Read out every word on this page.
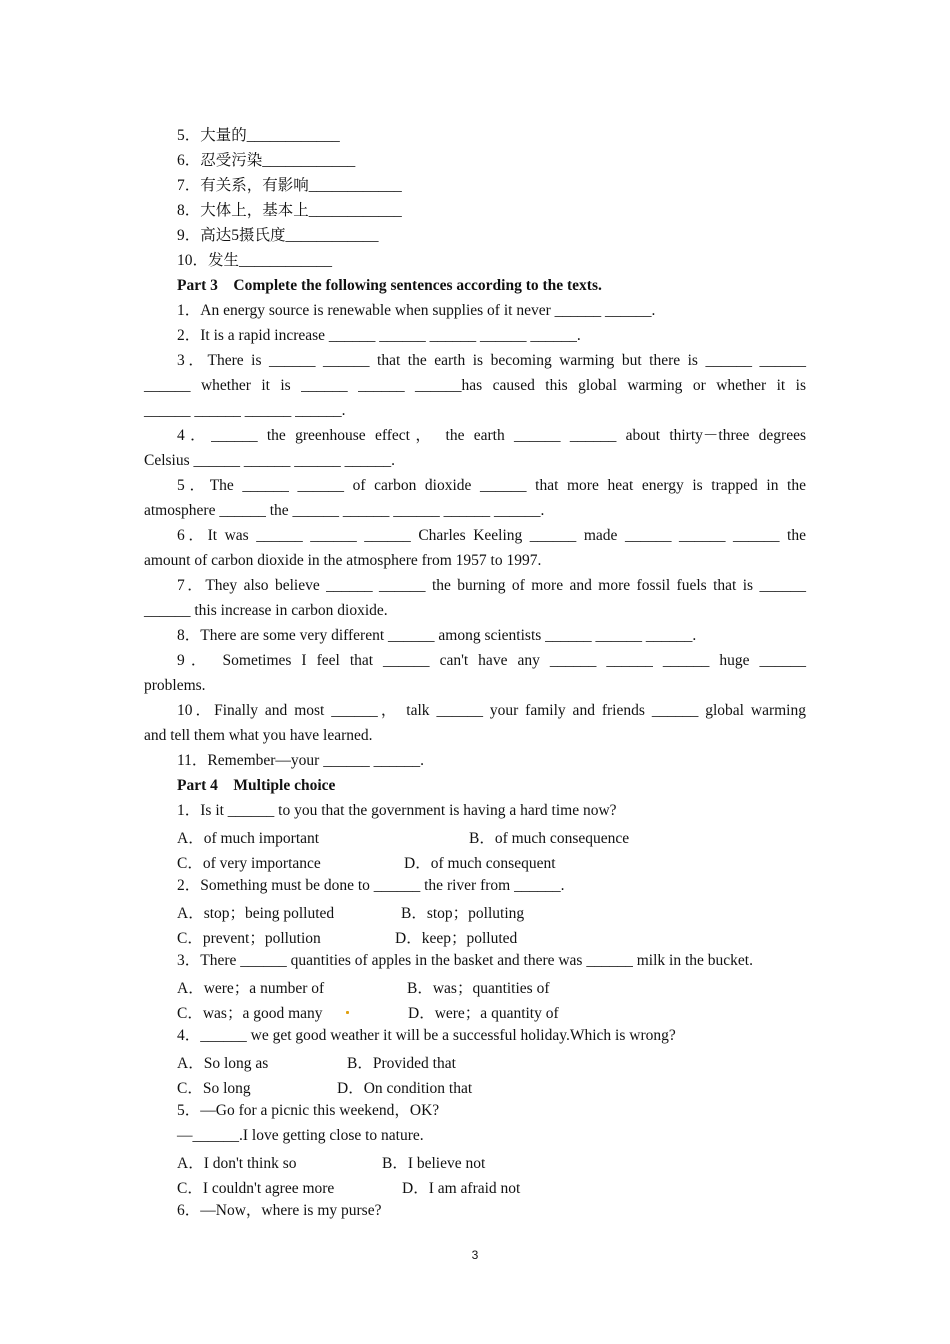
5．大量的____________
6．忍受污染____________
7．有关系，有影响____________
8．大体上，基本上____________
9．高达5摄氏度____________
10．发生____________
Part 3　Complete the following sentences according to the texts.
1．An energy source is renewable when supplies of it never ______ ______.
2．It is a rapid increase ______ ______ ______ ______ ______.
3．There is ______ ______ that the earth is becoming warming but there is ______ ______
______ whether it is ______ ______ ______has caused this global warming or whether it is
______ ______ ______ ______.
4．______ the greenhouse effect， the earth ______ ______ about thirty－three degrees
Celsius ______ ______ ______ ______.
5．The ______ ______ of carbon dioxide ______ that more heat energy is trapped in the
atmosphere ______ the ______ ______ ______ ______ ______.
6．It was ______ ______ ______ Charles Keeling ______ made ______ ______ ______ the
amount of carbon dioxide in the atmosphere from 1957 to 1997.
7．They also believe ______ ______ the burning of more and more fossil fuels that is ______
______ this increase in carbon dioxide.
8．There are some very different ______ among scientists ______ ______ ______.
9． Sometimes I feel that ______ can't have any ______ ______ ______ huge ______
problems.
10．Finally and most ______， talk ______ your family and friends ______ global warming
and tell them what you have learned.
11．Remember—your ______ ______.
Part 4　Multiple choice
1．Is it ______ to you that the government is having a hard time now?
A．of much important	B．of much consequence
C．of very importance	D．of much consequent
2．Something must be done to ______ the river from ______.
A．stop；being polluted	B．stop；polluting
C．prevent；pollution	D．keep；polluted
3．There ______ quantities of apples in the basket and there was ______ milk in the bucket.
A．were；a number of	B．was；quantities of
C．was；a good many	D．were；a quantity of
4．______ we get good weather it will be a successful holiday.Which is wrong?
A．So long as	B．Provided that
C．So long	D．On condition that
5．—Go for a picnic this weekend，OK?
—______.I love getting close to nature.
A．I don't think so	B．I believe not
C．I couldn't agree more	D．I am afraid not
6．—Now，where is my purse?
3
